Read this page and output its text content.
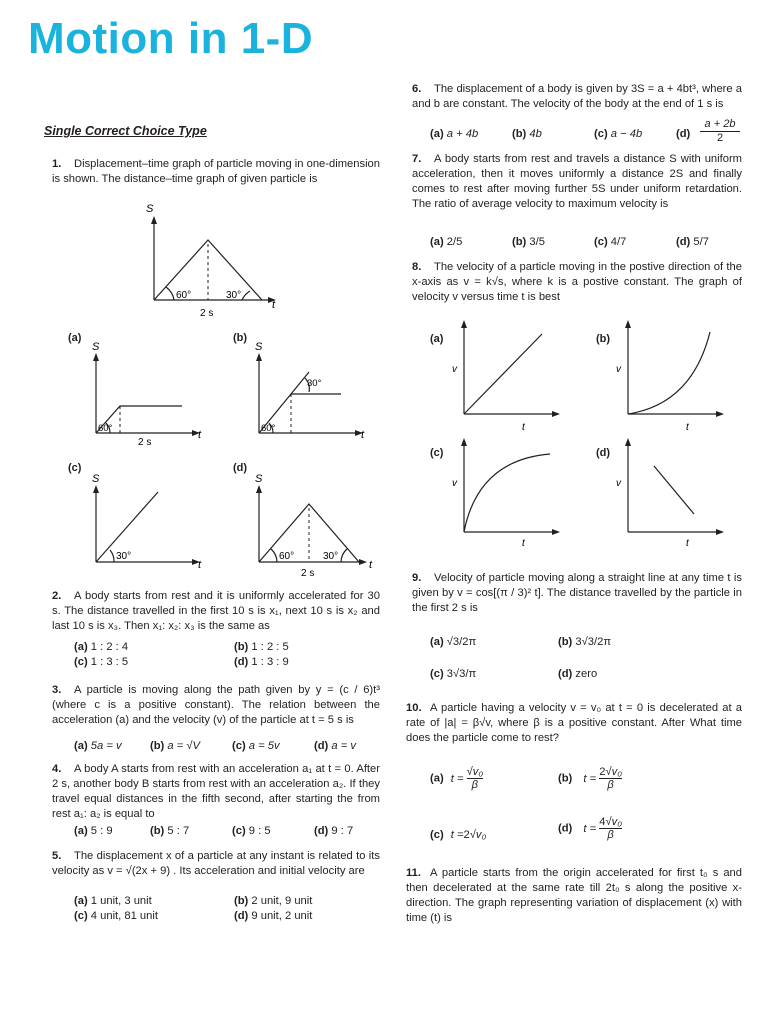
Motion in 1-D
Single Correct Choice Type
1. Displacement–time graph of particle moving in one-dimension is shown. The distance–time graph of given particle is
S
60°	30°
t
2 s
(a)
S
60°
t
2 s
(b)
S
30°
60°
t
(c)
S
30°
t
(d)
S
60°	30°
t
2 s
2. A body starts from rest and it is uniformly accelerated for 30 s. The distance travelled in the first 10 s is x₁, next 10 s is x₂ and last 10 s is x₃. Then x₁: x₂: x₃ is the same as
(a) 1 : 2 : 4	(b) 1 : 2 : 5
(c) 1 : 3 : 5	(d) 1 : 3 : 9
3. A particle is moving along the path given by y = (c / 6)t³ (where c is a positive constant). The relation between the acceleration (a) and the velocity (v) of the particle at t = 5 s is
(a) 5a = v	(b) a = √V	(c) a = 5v	(d) a = v
4. A body A starts from rest with an acceleration a₁ at t = 0. After 2 s, another body B starts from rest with an acceleration a₂. If they travel equal distances in the fifth second, after starting the from rest a₁: a₂ is equal to
(a) 5 : 9	(b) 5 : 7	(c) 9 : 5	(d) 9 : 7
5. The displacement x of a particle at any instant is related to its velocity as v = √(2x + 9) . Its acceleration and initial velocity are
(a) 1 unit, 3 unit	(b) 2 unit, 9 unit
(c) 4 unit, 81 unit	(d) 9 unit, 2 unit
6. The displacement of a body is given by 3S = a + 4bt³, where a and b are constant. The velocity of the body at the end of 1 s is
(a) a + 4b	(b) 4b	(c) a − 4b	(d)
a + 2b
2
7. A body starts from rest and travels a distance S with uniform acceleration, then it moves uniformly a distance 2S and finally comes to rest after moving further 5S under uniform retardation. The ratio of average velocity to maximum velocity is
(a) 2/5	(b) 3/5	(c) 4/7	(d) 5/7
8. The velocity of a particle moving in the postive direction of the x-axis as v = k√s, where k is a postive constant. The graph of velocity v versus time t is best
(a)
v
t
(b)
v
t
(c)
v
t
(d)
v
t
9. Velocity of particle moving along a straight line at any time t is given by v = cos[(π / 3)² t]. The distance travelled by the particle in the first 2 s is
(a) √3/2π	(b) 3√3/2π
(c) 3√3/π	(d) zero
10. A particle having a velocity v = v₀ at t = 0 is decelerated at a rate of |a| = β√v, where β is a positive constant. After What time does the particle come to rest?
(a) $t = \frac{\text{√v₀}}{\beta}$	(b) $t = \frac{\text{2√v₀}}{\beta}$
(c) t =2√v₀
(d) $t = \frac{\text{4√v₀}}{\beta}$
11. A particle starts from the origin accelerated for first t₀ s and then decelerated at the same rate till 2t₀ s along the positive x-direction. The graph representing variation of displacement (x) with time (t) is
